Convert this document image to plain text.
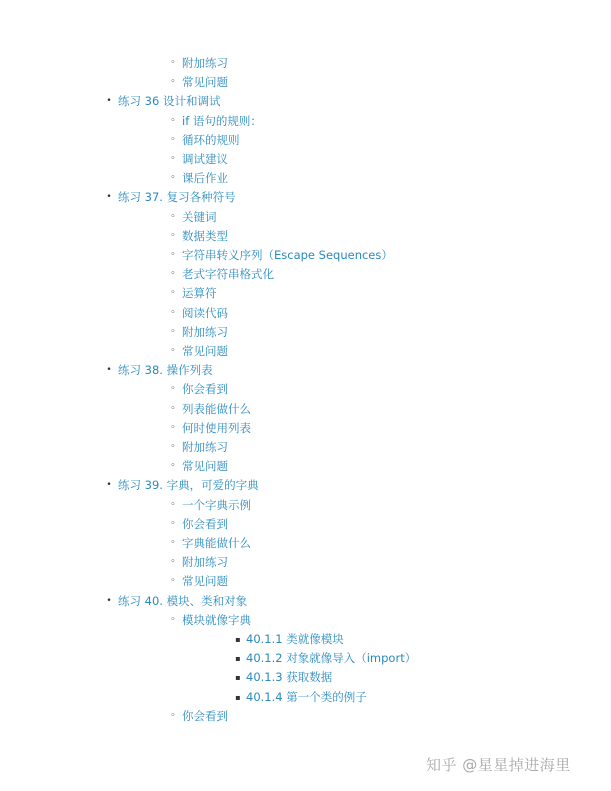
◦ 附加练习
◦ 常见问题
• 练习 36 设计和调试
◦ if 语句的规则：
◦ 循环的规则
◦ 调试建议
◦ 课后作业
• 练习 37. 复习各种符号
◦ 关键词
◦ 数据类型
◦ 字符串转义序列（Escape Sequences）
◦ 老式字符串格式化
◦ 运算符
◦ 阅读代码
◦ 附加练习
◦ 常见问题
• 练习 38. 操作列表
◦ 你会看到
◦ 列表能做什么
◦ 何时使用列表
◦ 附加练习
◦ 常见问题
• 练习 39. 字典，可爱的字典
◦ 一个字典示例
◦ 你会看到
◦ 字典能做什么
◦ 附加练习
◦ 常见问题
• 练习 40. 模块、类和对象
◦ 模块就像字典
▪ 40.1.1 类就像模块
▪ 40.1.2 对象就像导入（import）
▪ 40.1.3 获取数据
▪ 40.1.4 第一个类的例子
◦ 你会看到
知乎 @星星掉进海里
